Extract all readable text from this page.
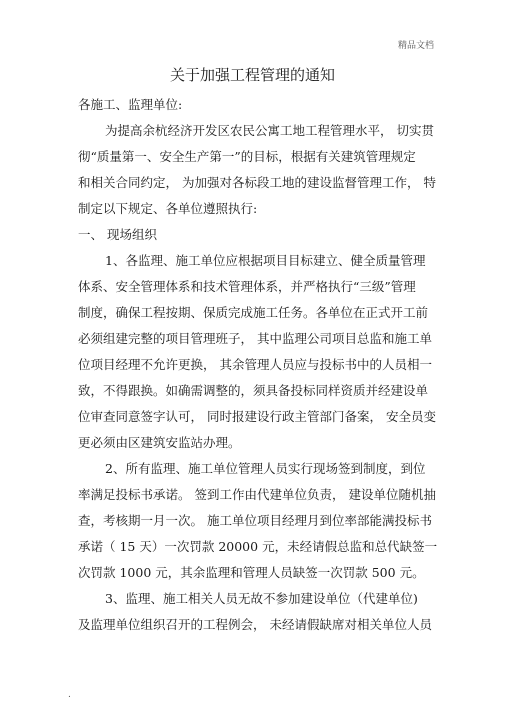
精品文档
关于加强工程管理的通知
各施工、监理单位:
为提高余杭经济开发区农民公寓工地工程管理水平， 切实贯
彻“质量第一、安全生产第一”的目标，根据有关建筑管理规定
和相关合同约定， 为加强对各标段工地的建设监督管理工作， 特
制定以下规定、各单位遵照执行:
一、 现场组织
1、各监理、施工单位应根据项目目标建立、健全质量管理
体系、安全管理体系和技术管理体系，并严格执行“三级”管理
制度，确保工程按期、保质完成施工任务。各单位在正式开工前
必须组建完整的项目管理班子， 其中监理公司项目总监和施工单
位项目经理不允许更换， 其余管理人员应与投标书中的人员相一
致，不得跟换。如确需调整的，须具备投标同样资质并经建设单
位审查同意签字认可， 同时报建设行政主管部门备案， 安全员变
更必须由区建筑安监站办理。
2、所有监理、施工单位管理人员实行现场签到制度，到位
率满足投标书承诺。 签到工作由代建单位负责， 建设单位随机抽
查，考核期一月一次。 施工单位项目经理月到位率部能满投标书
承诺（ 15 天）一次罚款 20000 元，未经请假总监和总代缺签一
次罚款 1000 元，其余监理和管理人员缺签一次罚款 500 元。
3、监理、施工相关人员无故不参加建设单位（代建单位)
及监理单位组织召开的工程例会， 未经请假缺席对相关单位人员
.
